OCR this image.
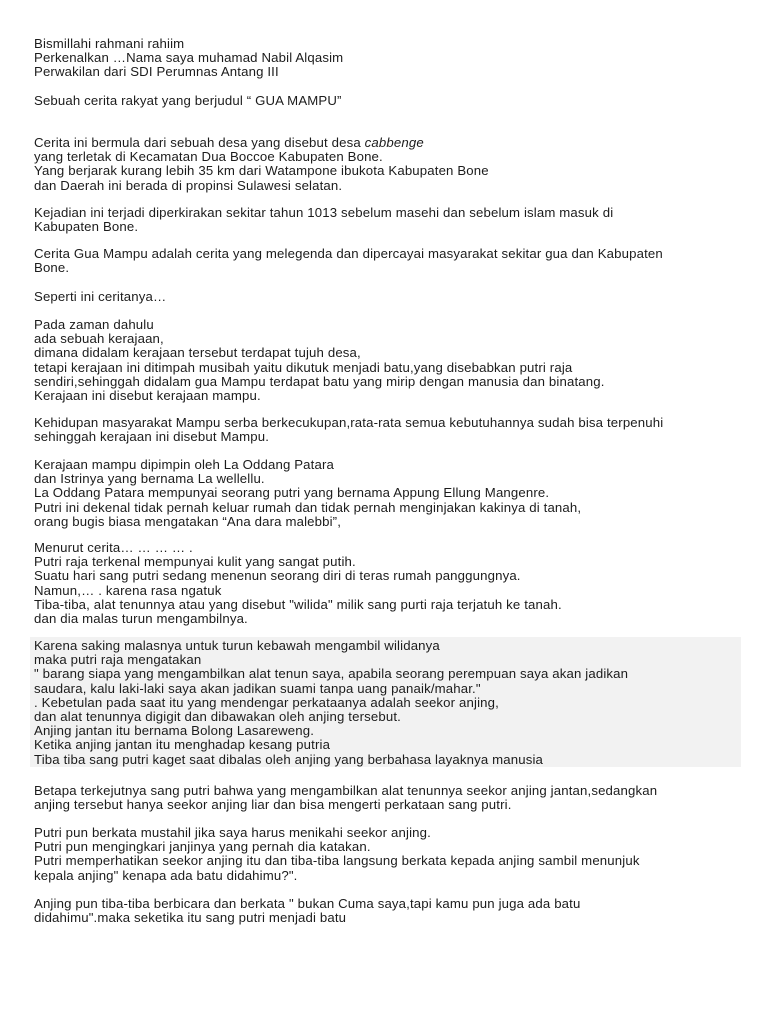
Bismillahi rahmani rahiim
Perkenalkan …Nama saya muhamad Nabil Alqasim
Perwakilan dari SDI Perumnas Antang III
Sebuah cerita rakyat yang berjudul “ GUA MAMPU”
Cerita ini bermula dari sebuah desa yang disebut desa cabbenge
yang terletak di Kecamatan Dua Boccoe Kabupaten Bone.
Yang berjarak kurang lebih 35 km dari Watampone ibukota Kabupaten Bone
dan Daerah ini berada di propinsi Sulawesi selatan.
Kejadian ini terjadi diperkirakan sekitar tahun 1013 sebelum masehi dan sebelum islam masuk di
Kabupaten Bone.
Cerita Gua Mampu adalah cerita yang melegenda dan dipercayai masyarakat sekitar gua dan Kabupaten
Bone.
Seperti ini ceritanya…
Pada zaman dahulu
ada sebuah kerajaan,
dimana didalam kerajaan tersebut terdapat tujuh desa,
tetapi kerajaan ini ditimpah musibah yaitu dikutuk menjadi batu,yang disebabkan putri raja
sendiri,sehinggah didalam gua Mampu terdapat batu yang mirip dengan manusia dan binatang.
Kerajaan ini disebut kerajaan mampu.
Kehidupan masyarakat Mampu serba berkecukupan,rata-rata semua kebutuhannya sudah bisa terpenuhi
sehinggah kerajaan ini disebut Mampu.
Kerajaan mampu dipimpin oleh La Oddang Patara
dan Istrinya yang bernama La wellellu.
La Oddang Patara mempunyai seorang putri yang bernama Appung Ellung Mangenre.
Putri ini dekenal tidak pernah keluar rumah dan tidak pernah menginjakan kakinya di tanah,
orang bugis biasa mengatakan “Ana dara malebbi”,
Menurut cerita… … … … .
Putri raja terkenal mempunyai kulit yang sangat putih.
Suatu hari sang putri sedang menenun seorang diri di teras rumah panggungnya.
Namun,… . karena rasa ngatuk
Tiba-tiba, alat tenunnya atau yang disebut "wilida" milik sang purti raja terjatuh ke tanah.
dan dia malas turun mengambilnya.
Karena saking malasnya untuk turun kebawah mengambil wilidanya
maka putri raja mengatakan
" barang siapa yang mengambilkan alat tenun saya, apabila seorang perempuan saya akan jadikan
saudara, kalu laki-laki saya akan jadikan suami tanpa uang panaik/mahar."
. Kebetulan pada saat itu yang mendengar perkataanya adalah seekor anjing,
dan alat tenunnya digigit dan dibawakan oleh anjing tersebut.
Anjing jantan itu bernama Bolong Lasareweng.
Ketika anjing jantan itu menghadap kesang putria
Tiba tiba sang putri kaget saat dibalas oleh anjing yang berbahasa layaknya manusia
Betapa terkejutnya sang putri bahwa yang mengambilkan alat tenunnya seekor anjing jantan,sedangkan
anjing tersebut hanya seekor anjing liar dan bisa mengerti perkataan sang putri.
Putri pun berkata mustahil jika saya harus menikahi seekor anjing.
Putri pun mengingkari janjinya yang pernah dia katakan.
Putri memperhatikan seekor anjing itu dan tiba-tiba langsung berkata kepada anjing sambil menunjuk
kepala anjing" kenapa ada batu didahimu?".
Anjing pun tiba-tiba berbicara dan berkata " bukan Cuma saya,tapi kamu pun juga ada batu
didahimu".maka seketika itu sang putri menjadi batu
